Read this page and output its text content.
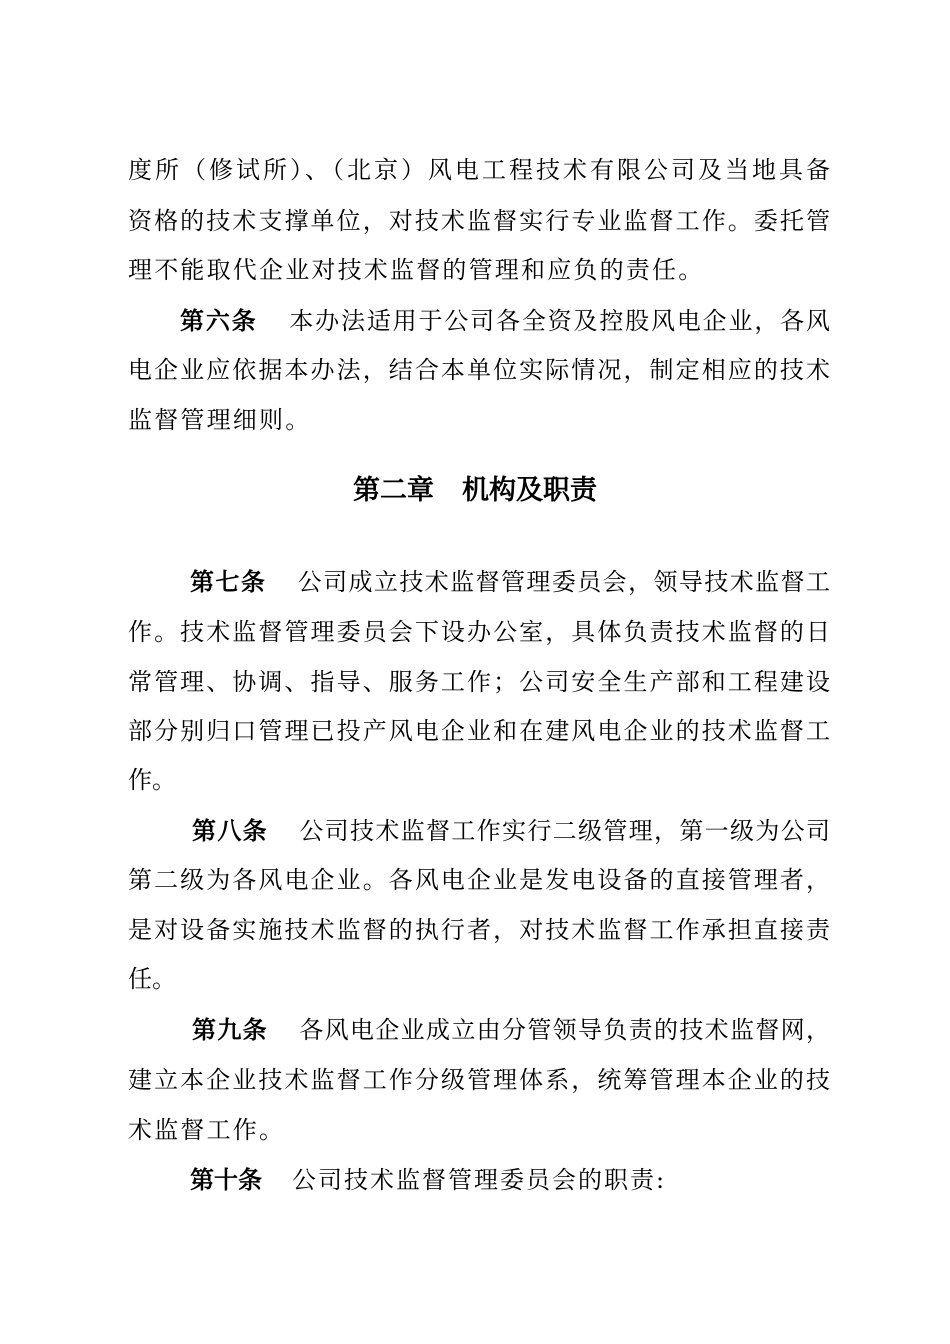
度所（修试所）、（北京）风电工程技术有限公司及当地具备
资格的技术支撑单位，对技术监督实行专业监督工作。委托管
理不能取代企业对技术监督的管理和应负的责任。
第六条 本办法适用于公司各全资及控股风电企业，各风
电企业应依据本办法，结合本单位实际情况，制定相应的技术
监督管理细则。
第二章 机构及职责
第七条 公司成立技术监督管理委员会，领导技术监督工
作。技术监督管理委员会下设办公室，具体负责技术监督的日
常管理、协调、指导、服务工作；公司安全生产部和工程建设
部分别归口管理已投产风电企业和在建风电企业的技术监督工
作。
第八条 公司技术监督工作实行二级管理，第一级为公司
第二级为各风电企业。各风电企业是发电设备的直接管理者，
是对设备实施技术监督的执行者，对技术监督工作承担直接责
任。
第九条 各风电企业成立由分管领导负责的技术监督网，
建立本企业技术监督工作分级管理体系，统筹管理本企业的技
术监督工作。
第十条 公司技术监督管理委员会的职责:
